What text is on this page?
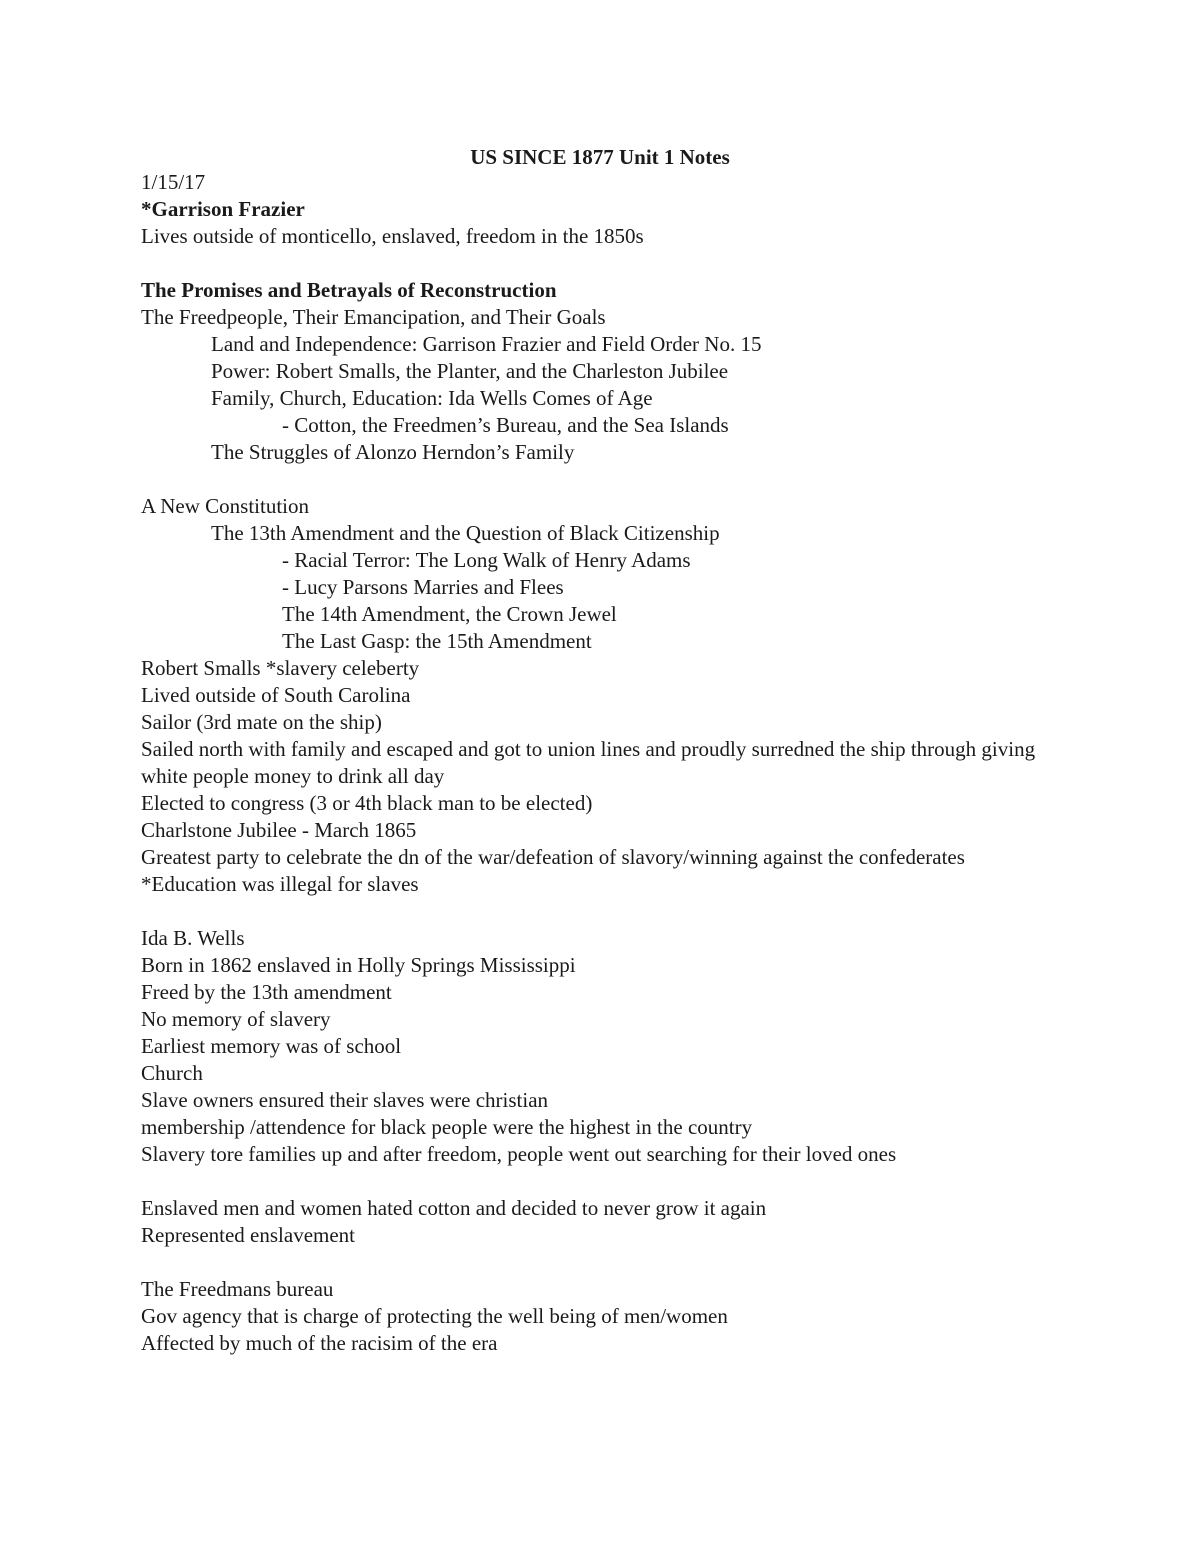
US SINCE 1877 Unit 1 Notes
1/15/17
*Garrison Frazier
Lives outside of monticello, enslaved, freedom in the 1850s
The Promises and Betrayals of Reconstruction
The Freedpeople, Their Emancipation, and Their Goals
Land and Independence: Garrison Frazier and Field Order No. 15
Power: Robert Smalls, the Planter, and the Charleston Jubilee
Family, Church, Education: Ida Wells Comes of Age
- Cotton, the Freedmen’s Bureau, and the Sea Islands
The Struggles of Alonzo Herndon’s Family
A New Constitution
The 13th Amendment and the Question of Black Citizenship
- Racial Terror: The Long Walk of Henry Adams
- Lucy Parsons Marries and Flees
The 14th Amendment, the Crown Jewel
The Last Gasp: the 15th Amendment
Robert Smalls *slavery celeberty
Lived outside of South Carolina
Sailor (3rd mate on the ship)
Sailed north with family and escaped and got to union lines and proudly surredned the ship through giving white people money to drink all day
Elected to congress (3 or 4th black man to be elected)
Charlstone Jubilee - March 1865
Greatest party to celebrate the dn of the war/defeation of slavory/winning against the confederates
*Education was illegal for slaves
Ida B. Wells
Born in 1862 enslaved in Holly Springs Mississippi
Freed by the 13th amendment
No memory of slavery
Earliest memory was of school
Church
Slave owners ensured their slaves were christian
membership /attendence for black people were the highest in the country
Slavery tore families up and after freedom, people went out searching for their loved ones
Enslaved men and women hated cotton and decided to never grow it again
Represented enslavement
The Freedmans bureau
Gov agency that is charge of protecting the well being of men/women
Affected by much of the racisim of the era
